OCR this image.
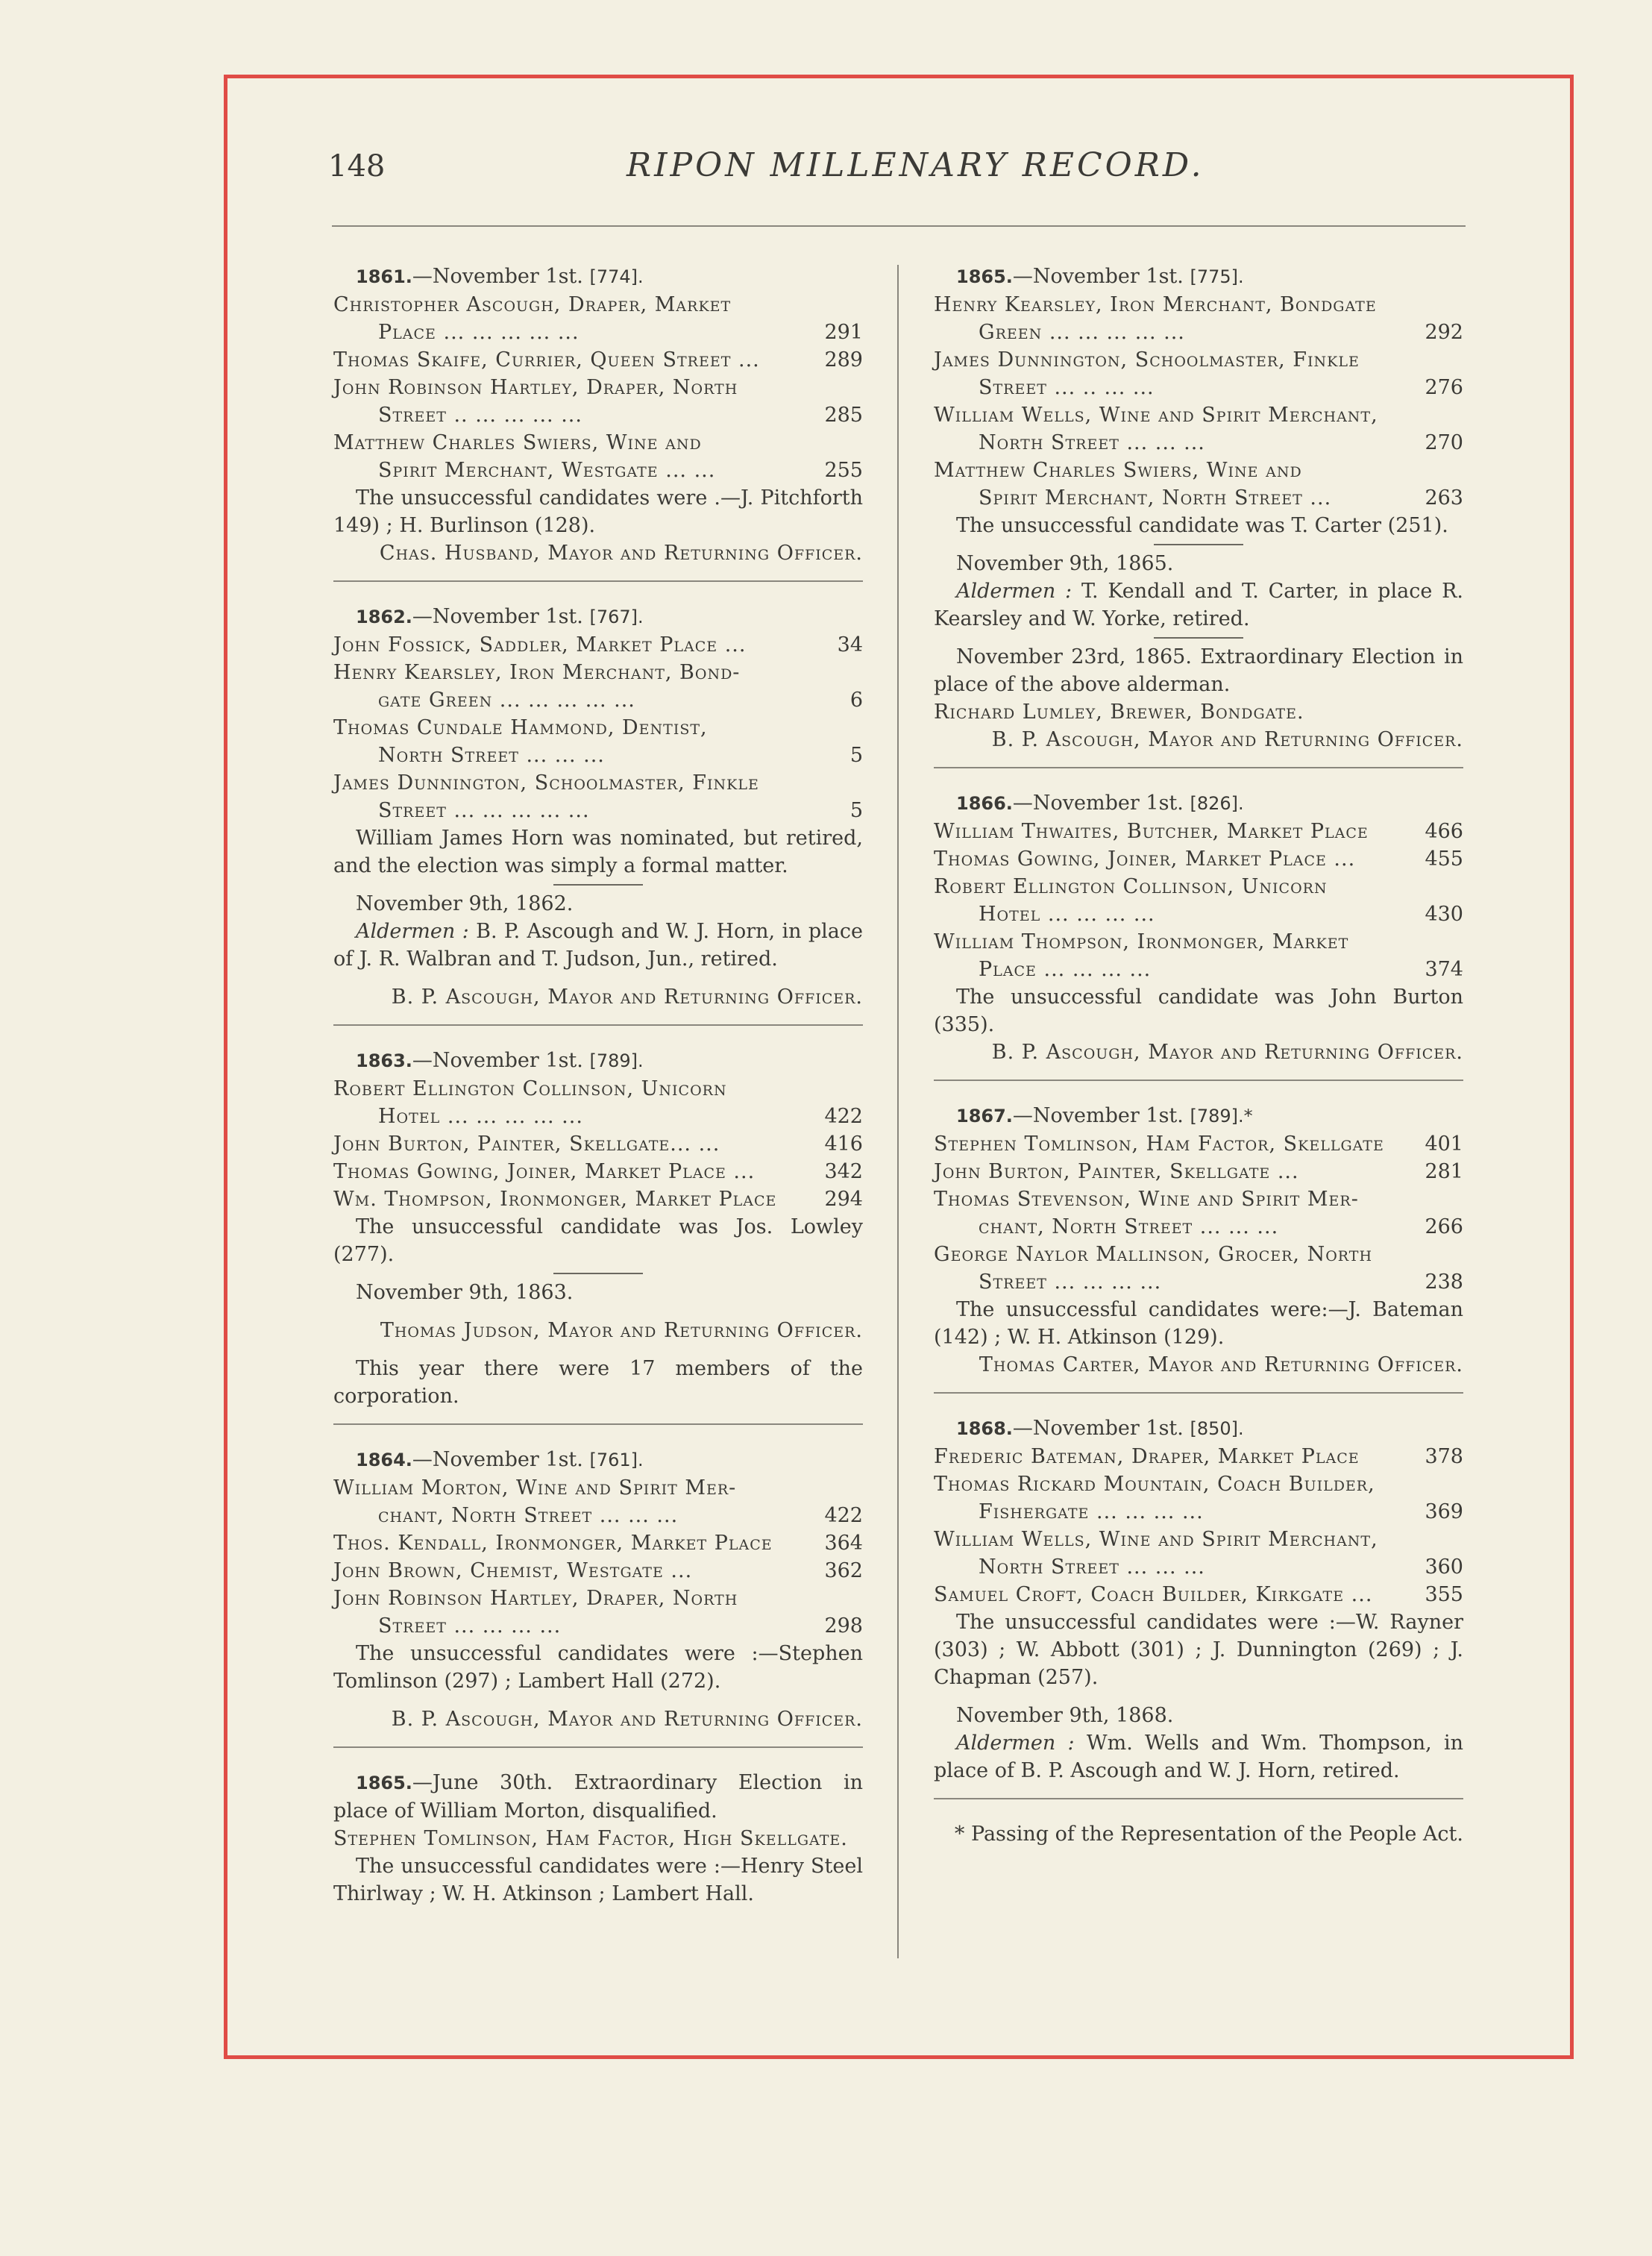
148	RIPON MILLENARY RECORD.
1861.—November 1st. [774].
Christopher Ascough, Draper, Market
Place ... ... ... ... ...	291
Thomas Skaife, Currier, Queen Street ...	289
John Robinson Hartley, Draper, North
Street .. ... ... ... ...	285
Matthew Charles Swiers, Wine and
Spirit Merchant, Westgate ... ...	255
The unsuccessful candidates were .—J. Pitchforth 149) ; H. Burlinson (128).
Chas. Husband, Mayor and Returning Officer.
1862.—November 1st. [767].
John Fossick, Saddler, Market Place ...	34
Henry Kearsley, Iron Merchant, Bond-
gate Green ... ... ... ... ...	6
Thomas Cundale Hammond, Dentist,
North Street ... ... ...	5
James Dunnington, Schoolmaster, Finkle
Street ... ... ... ... ...	5
William James Horn was nominated, but retired, and the election was simply a formal matter.
November 9th, 1862.
Aldermen : B. P. Ascough and W. J. Horn, in place of J. R. Walbran and T. Judson, Jun., retired.
B. P. Ascough, Mayor and Returning Officer.
1863.—November 1st. [789].
Robert Ellington Collinson, Unicorn
Hotel ... ... ... ... ...	422
John Burton, Painter, Skellgate... ...	416
Thomas Gowing, Joiner, Market Place ...	342
Wm. Thompson, Ironmonger, Market Place	294
The unsuccessful candidate was Jos. Lowley (277).
November 9th, 1863.
Thomas Judson, Mayor and Returning Officer.
This year there were 17 members of the corporation.
1864.—November 1st. [761].
William Morton, Wine and Spirit Mer-
chant, North Street ... ... ...	422
Thos. Kendall, Ironmonger, Market Place	364
John Brown, Chemist, Westgate ...	362
John Robinson Hartley, Draper, North
Street ... ... ... ...	298
The unsuccessful candidates were :—Stephen Tomlinson (297) ; Lambert Hall (272).
B. P. Ascough, Mayor and Returning Officer.
1865.—June 30th. Extraordinary Election in place of William Morton, disqualified.
Stephen Tomlinson, Ham Factor, High Skellgate.
The unsuccessful candidates were :—Henry Steel Thirlway ; W. H. Atkinson ; Lambert Hall.
1865.—November 1st. [775].
Henry Kearsley, Iron Merchant, Bondgate
Green ... ... ... ... ...	292
James Dunnington, Schoolmaster, Finkle
Street ... .. ... ...	276
William Wells, Wine and Spirit Merchant,
North Street ... ... ...	270
Matthew Charles Swiers, Wine and
Spirit Merchant, North Street ...	263
The unsuccessful candidate was T. Carter (251).
November 9th, 1865.
Aldermen : T. Kendall and T. Carter, in place R. Kearsley and W. Yorke, retired.
November 23rd, 1865. Extraordinary Election in place of the above alderman.
Richard Lumley, Brewer, Bondgate.
B. P. Ascough, Mayor and Returning Officer.
1866.—November 1st. [826].
William Thwaites, Butcher, Market Place	466
Thomas Gowing, Joiner, Market Place ...	455
Robert Ellington Collinson, Unicorn
Hotel ... ... ... ...	430
William Thompson, Ironmonger, Market
Place ... ... ... ...	374
The unsuccessful candidate was John Burton (335).
B. P. Ascough, Mayor and Returning Officer.
1867.—November 1st. [789].*
Stephen Tomlinson, Ham Factor, Skellgate	401
John Burton, Painter, Skellgate ...	281
Thomas Stevenson, Wine and Spirit Mer-
chant, North Street ... ... ...	266
George Naylor Mallinson, Grocer, North
Street ... ... ... ...	238
The unsuccessful candidates were:—J. Bateman (142) ; W. H. Atkinson (129).
Thomas Carter, Mayor and Returning Officer.
1868.—November 1st. [850].
Frederic Bateman, Draper, Market Place	378
Thomas Rickard Mountain, Coach Builder,
Fishergate ... ... ... ...	369
William Wells, Wine and Spirit Merchant,
North Street ... ... ...	360
Samuel Croft, Coach Builder, Kirkgate ...	355
The unsuccessful candidates were :—W. Rayner (303) ; W. Abbott (301) ; J. Dunnington (269) ; J. Chapman (257).
November 9th, 1868.
Aldermen : Wm. Wells and Wm. Thompson, in place of B. P. Ascough and W. J. Horn, retired.
* Passing of the Representation of the People Act.
